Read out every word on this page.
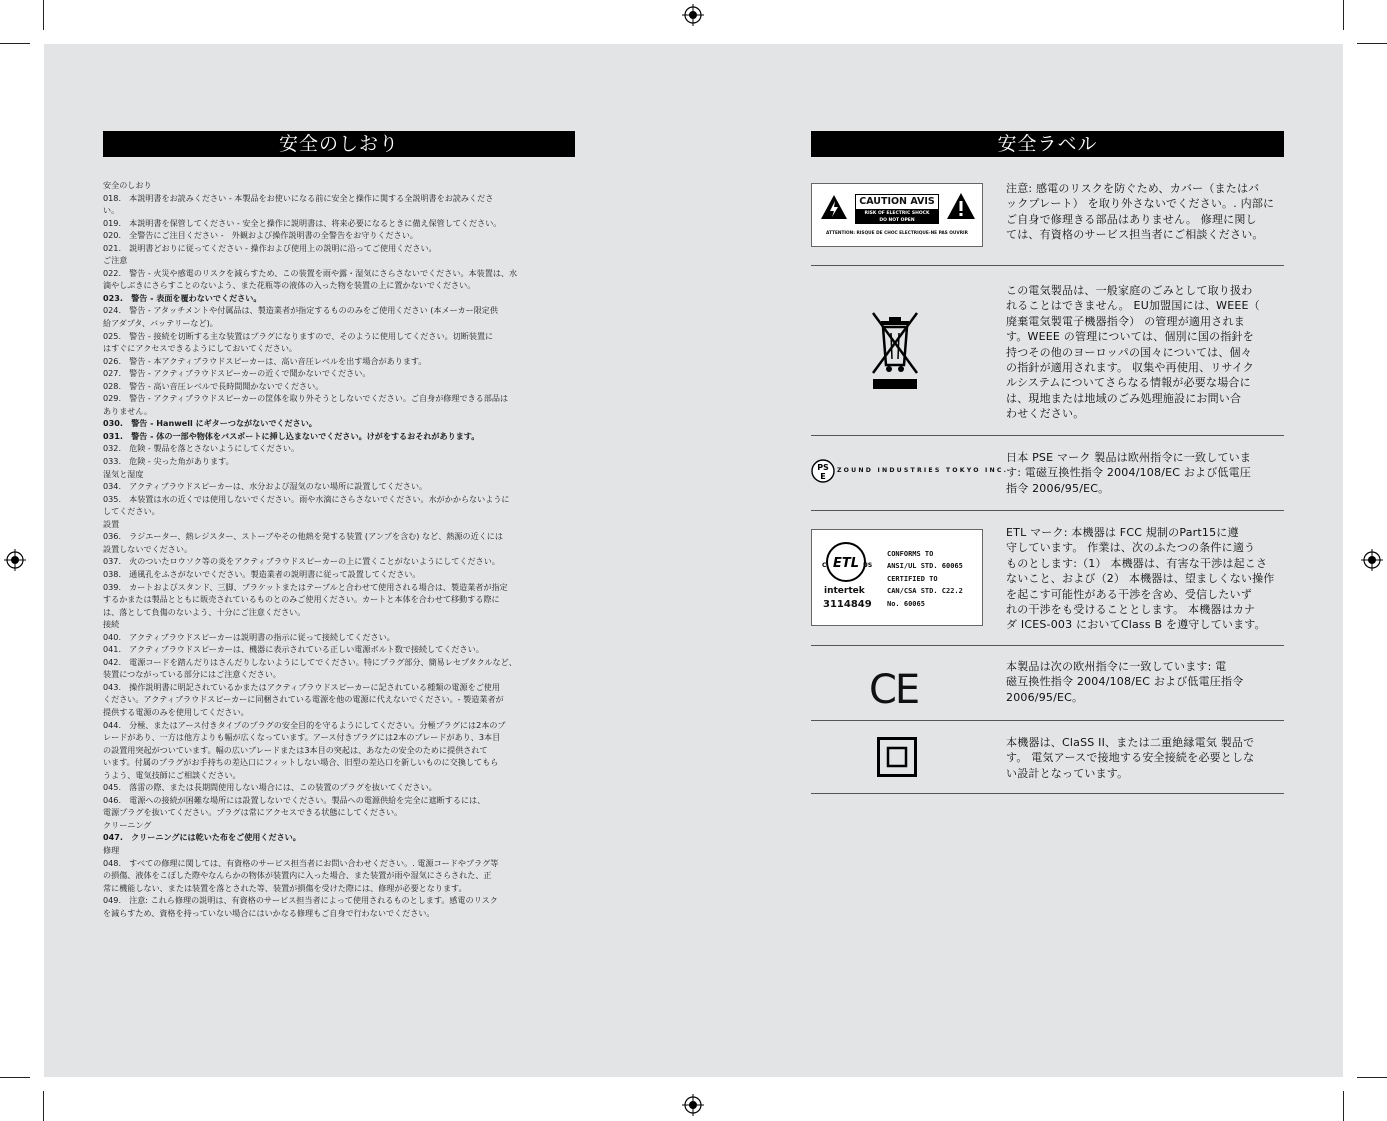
安全のしおり
安全のしおり
018.　本説明書をお読みください - 本製品をお使いになる前に安全と操作に関する全説明書をお読みくださ
い。
019.　本説明書を保管してください - 安全と操作に説明書は、将来必要になるときに備え保管してください。
020.　全警告にご注目ください -　外観および操作説明書の全警告をお守りください。
021.　説明書どおりに従ってください - 操作および使用上の説明に沿ってご使用ください。
ご注意
022.　警告 - 火災や感電のリスクを減らすため、この装置を雨や露・湿気にさらさないでください。本装置は、水
滴やしぶきにさらすことのないよう、また花瓶等の液体の入った物を装置の上に置かないでください。
023.　警告 - 表面を覆わないでください。
024.　警告 - アタッチメントや付属品は、製造業者が指定するもののみをご使用ください (本メーカー限定供
給アダプタ、バッテリーなど)。
025.　警告 - 接続を切断する主な装置はプラグになりますので、そのように使用してください。切断装置に
はすぐにアクセスできるようにしておいてください。
026.　警告 - 本アクティブラウドスピーカーは、高い音圧レベルを出す場合があります。
027.　警告 - アクティブラウドスピーカーの近くで聞かないでください。
028.　警告 - 高い音圧レベルで長時間聞かないでください。
029.　警告 - アクティブラウドスピーカーの筐体を取り外そうとしないでください。ご自身が修理できる部品は
ありません。
030.　警告 - Hanwell にギターつながないでください。
031.　警告 - 体の一部や物体をバスポートに挿し込まないでください。けがをするおそれがあります。
032.　危険 - 製品を落とさないようにしてください。
033.　危険 - 尖った角があります。
湿気と湿度
034.　アクティブラウドスピーカーは、水分および湿気のない場所に設置してください。
035.　本装置は水の近くでは使用しないでください。雨や水滴にさらさないでください。水がかからないように
してください。
設置
036.　ラジエーター、熱レジスター、ストーブやその他熱を発する装置 (アンプを含む) など、熱源の近くには
設置しないでください。
037.　火のついたロウソク等の炎をアクティブラウドスピーカーの上に置くことがないようにしてください。
038.　通風孔をふさがないでください。製造業者の説明書に従って設置してください。
039.　カートおよびスタンド、三脚、ブラケットまたはテーブルと合わせて使用される場合は、製造業者が指定
するかまたは製品とともに販売されているものとのみご使用ください。カートと本体を合わせて移動する際に
は、落として負傷のないよう、十分にご注意ください。
接続
040.　アクティブラウドスピーカーは説明書の指示に従って接続してください。
041.　アクティブラウドスピーカーは、機器に表示されている正しい電源ボルト数で接続してください。
042.　電源コードを踏んだりはさんだりしないようにしてでください。特にプラグ部分、簡易レセプタクルなど、
装置につながっている部分にはご注意ください。
043.　操作説明書に明記されているかまたはアクティブラウドスピーカーに記されている種類の電源をご使用
ください。アクティブラウドスピーカーに同梱されている電源を他の電源に代えないでください。- 製造業者が
提供する電源のみを使用してください。
044.　分極、またはアース付きタイプのプラグの安全目的を守るようにしてください。分極プラグには2本のブ
レードがあり、一方は他方よりも幅が広くなっています。アース付きプラグには2本のブレードがあり、3本目
の設置用突起がついています。幅の広いブレードまたは3本目の突起は、あなたの安全のために提供されて
います。付属のプラグがお手持ちの差込口にフィットしない場合、旧型の差込口を新しいものに交換してもら
うよう、電気技師にご相談ください。
045.　落雷の際、または長期間使用しない場合には、この装置のプラグを抜いてください。
046.　電源への接続が困難な場所には設置しないでください。製品への電源供給を完全に遮断するには、
電源プラグを抜いてください。プラグは常にアクセスできる状態にしてください。
クリーニング
047.　クリーニングには乾いた布をご使用ください。
修理
048.　すべての修理に関しては、有資格のサービス担当者にお問い合わせください。. 電源コードやプラグ等
の損傷、液体をこぼした際やなんらかの物体が装置内に入った場合、また装置が雨や湿気にさらされた、正
常に機能しない、または装置を落とされた等、装置が損傷を受けた際には、修理が必要となります。
049.　注意: これら修理の説明は、有資格のサービス担当者によって使用されるものとします。感電のリスク
を減らすため、資格を持っていない場合にはいかなる修理もご自身で行わないでください。
安全ラベル
CAUTION AVIS
RISK OF ELECTRIC SHOCK
DO NOT OPEN
ATTENTION: RISQUE DE CHOC ELECTRIQUE-NE PAS OUVRIR
注意: 感電のリスクを防ぐため、カバー（またはバ
ックプレート） を取り外さないでください。. 内部に
ご自身で修理きる部品はありません。 修理に関し
ては、有資格のサービス担当者にご相談ください。
この電気製品は、一般家庭のごみとして取り扱わ
れることはできません。 EU加盟国には、WEEE（
廃棄電気製電子機器指令） の管理が適用されま
す。WEEE の管理については、個別に国の指針を
持つその他のヨーロッパの国々については、個々
の指針が適用されます。 収集や再使用、リサイク
ルシステムについてさらなる情報が必要な場合に
は、現地または地域のごみ処理施設にお問い合
わせください。
PS
E
ZOUND INDUSTRIES TOKYO INC.
日本 PSE マーク 製品は欧州指令に一致していま
す: 電磁互換性指令 2004/108/EC および低電圧
指令 2006/95/EC。
ETL
C	US
intertek
3114849
CONFORMS TO
ANSI/UL STD. 60065
CERTIFIED TO
CAN/CSA STD. C22.2
No. 60065
ETL マーク: 本機器は FCC 規制のPart15に遵
守しています。 作業は、次のふたつの条件に適う
ものとします:（1） 本機器は、有害な干渉は起こさ
ないこと、および（2） 本機器は、望ましくない操作
を起こす可能性がある干渉を含め、受信したいず
れの干渉をも受けることとします。 本機器はカナ
ダ ICES-003 においてClass B を遵守しています。
CE
本製品は次の欧州指令に一致しています: 電
磁互換性指令 2004/108/EC および低電圧指令
2006/95/EC。
本機器は、ClaSS II、または二重絶縁電気 製品で
す。 電気アースで接地する安全接続を必要としな
い設計となっています。
